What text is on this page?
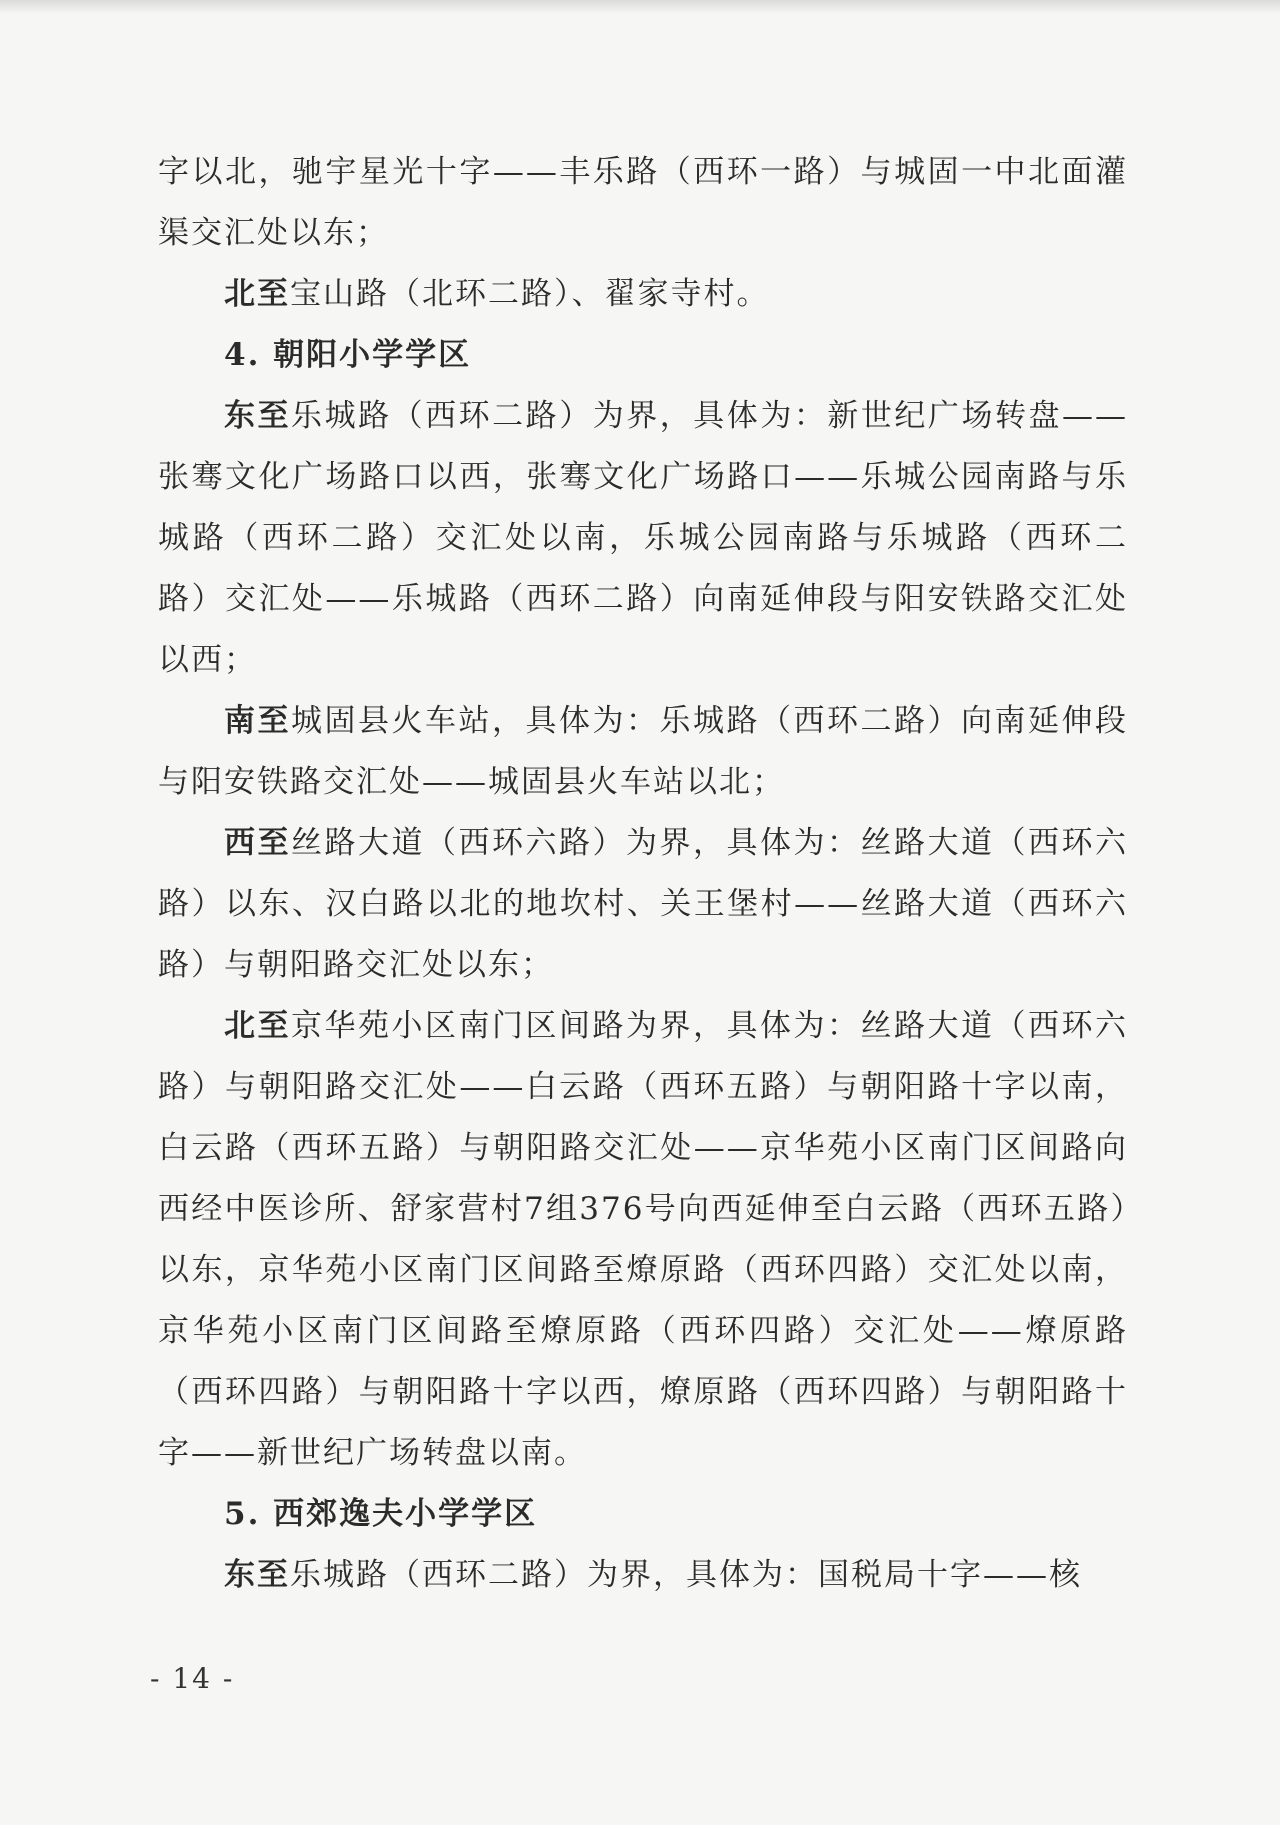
字以北，驰宇星光十字——丰乐路（西环一路）与城固一中北面灌渠交汇处以东；

北至宝山路（北环二路）、翟家寺村。

4. 朝阳小学学区

东至乐城路（西环二路）为界，具体为：新世纪广场转盘——张骞文化广场路口以西，张骞文化广场路口——乐城公园南路与乐城路（西环二路）交汇处以南，乐城公园南路与乐城路（西环二路）交汇处——乐城路（西环二路）向南延伸段与阳安铁路交汇处以西；

南至城固县火车站，具体为：乐城路（西环二路）向南延伸段与阳安铁路交汇处——城固县火车站以北；

西至丝路大道（西环六路）为界，具体为：丝路大道（西环六路）以东、汉白路以北的地坎村、关王堡村——丝路大道（西环六路）与朝阳路交汇处以东；

北至京华苑小区南门区间路为界，具体为：丝路大道（西环六路）与朝阳路交汇处——白云路（西环五路）与朝阳路十字以南，白云路（西环五路）与朝阳路交汇处——京华苑小区南门区间路向西经中医诊所、舒家营村7组376号向西延伸至白云路（西环五路）以东，京华苑小区南门区间路至燎原路（西环四路）交汇处以南，京华苑小区南门区间路至燎原路（西环四路）交汇处——燎原路（西环四路）与朝阳路十字以西，燎原路（西环四路）与朝阳路十字——新世纪广场转盘以南。

5. 西郊逸夫小学学区

东至乐城路（西环二路）为界，具体为：国税局十字——核

- 14 -
